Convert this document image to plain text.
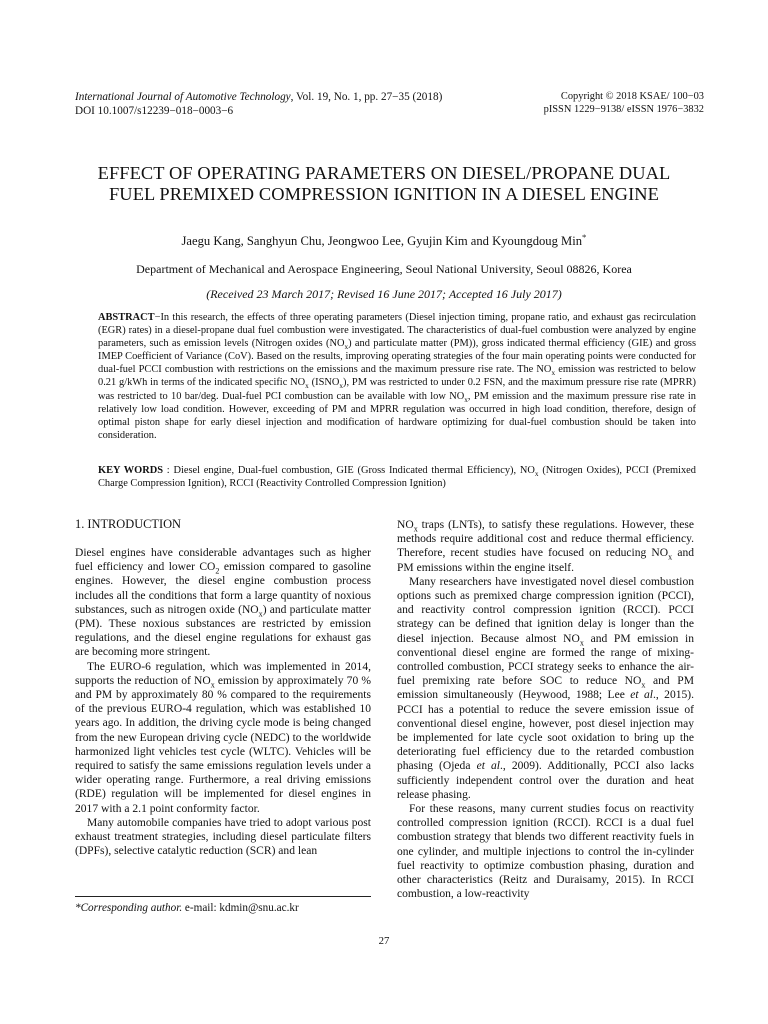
International Journal of Automotive Technology, Vol. 19, No. 1, pp. 27−35 (2018)
DOI 10.1007/s12239−018−0003−6
Copyright © 2018 KSAE/ 100−03
pISSN 1229−9138/ eISSN 1976−3832
EFFECT OF OPERATING PARAMETERS ON DIESEL/PROPANE DUAL
FUEL PREMIXED COMPRESSION IGNITION IN A DIESEL ENGINE
Jaegu Kang, Sanghyun Chu, Jeongwoo Lee, Gyujin Kim and Kyoungdoug Min*
Department of Mechanical and Aerospace Engineering, Seoul National University, Seoul 08826, Korea
(Received 23 March 2017; Revised 16 June 2017; Accepted 16 July 2017)
ABSTRACT−In this research, the effects of three operating parameters (Diesel injection timing, propane ratio, and exhaust gas recirculation (EGR) rates) in a diesel-propane dual fuel combustion were investigated. The characteristics of dual-fuel combustion were analyzed by engine parameters, such as emission levels (Nitrogen oxides $(NO_x)$ and particulate matter (PM)), gross indicated thermal efficiency (GIE) and gross IMEP Coefficient of Variance (CoV). Based on the results, improving operating strategies of the four main operating points were conducted for dual-fuel PCCI combustion with restrictions on the emissions and the maximum pressure rise rate. The $NO_x$ emission was restricted to below 0.21 g/kWh in terms of the indicated specific $NO_x$ $(ISNO_x)$, PM was restricted to under 0.2 FSN, and the maximum pressure rise rate (MPRR) was restricted to 10 bar/deg. Dual-fuel PCI combustion can be available with low $NO_x$, PM emission and the maximum pressure rise rate in relatively low load condition. However, exceeding of PM and MPRR regulation was occurred in high load condition, therefore, design of optimal piston shape for early diesel injection and modification of hardware optimizing for dual-fuel combustion should be taken into consideration.
KEY WORDS : Diesel engine, Dual-fuel combustion, GIE (Gross Indicated thermal Efficiency), $NO_x$ (Nitrogen Oxides), PCCI (Premixed Charge Compression Ignition), RCCI (Reactivity Controlled Compression Ignition)
1. INTRODUCTION

Diesel engines have considerable advantages such as higher fuel efficiency and lower $CO_2$ emission compared to gasoline engines. However, the diesel engine combustion process includes all the conditions that form a large quantity of noxious substances, such as nitrogen oxide $(NO_x)$ and particulate matter (PM). These noxious substances are restricted by emission regulations, and the diesel engine regulations for exhaust gas are becoming more stringent.

The EURO-6 regulation, which was implemented in 2014, supports the reduction of $NO_x$ emission by approximately 70 % and PM by approximately 80 % compared to the requirements of the previous EURO-4 regulation, which was established 10 years ago. In addition, the driving cycle mode is being changed from the new European driving cycle (NEDC) to the worldwide harmonized light vehicles test cycle (WLTC). Vehicles will be required to satisfy the same emissions regulation levels under a wider operating range. Furthermore, a real driving emissions (RDE) regulation will be implemented for diesel engines in 2017 with a 2.1 point conformity factor.

Many automobile companies have tried to adopt various post exhaust treatment strategies, including diesel particulate filters (DPFs), selective catalytic reduction (SCR) and lean

$NO_x$ traps (LNTs), to satisfy these regulations. However, these methods require additional cost and reduce thermal efficiency. Therefore, recent studies have focused on reducing $NO_x$ and PM emissions within the engine itself.

Many researchers have investigated novel diesel combustion options such as premixed charge compression ignition (PCCI), and reactivity control compression ignition (RCCI). PCCI strategy can be defined that ignition delay is longer than the diesel injection. Because almost $NO_x$ and PM emission in conventional diesel engine are formed the range of mixing-controlled combustion, PCCI strategy seeks to enhance the air-fuel premixing rate before SOC to reduce $NO_x$ and PM emission simultaneously (Heywood, 1988; Lee et al., 2015). PCCI has a potential to reduce the severe emission issue of conventional diesel engine, however, post diesel injection may be implemented for late cycle soot oxidation to bring up the deteriorating fuel efficiency due to the retarded combustion phasing (Ojeda et al., 2009). Additionally, PCCI also lacks sufficiently independent control over the duration and heat release phasing.

For these reasons, many current studies focus on reactivity controlled compression ignition (RCCI). RCCI is a dual fuel combustion strategy that blends two different reactivity fuels in one cylinder, and multiple injections to control the in-cylinder fuel reactivity to optimize combustion phasing, duration and other characteristics (Reitz and Duraisamy, 2015). In RCCI combustion, a low-reactivity

*Corresponding author. e-mail: kdmin@snu.ac.kr
27
